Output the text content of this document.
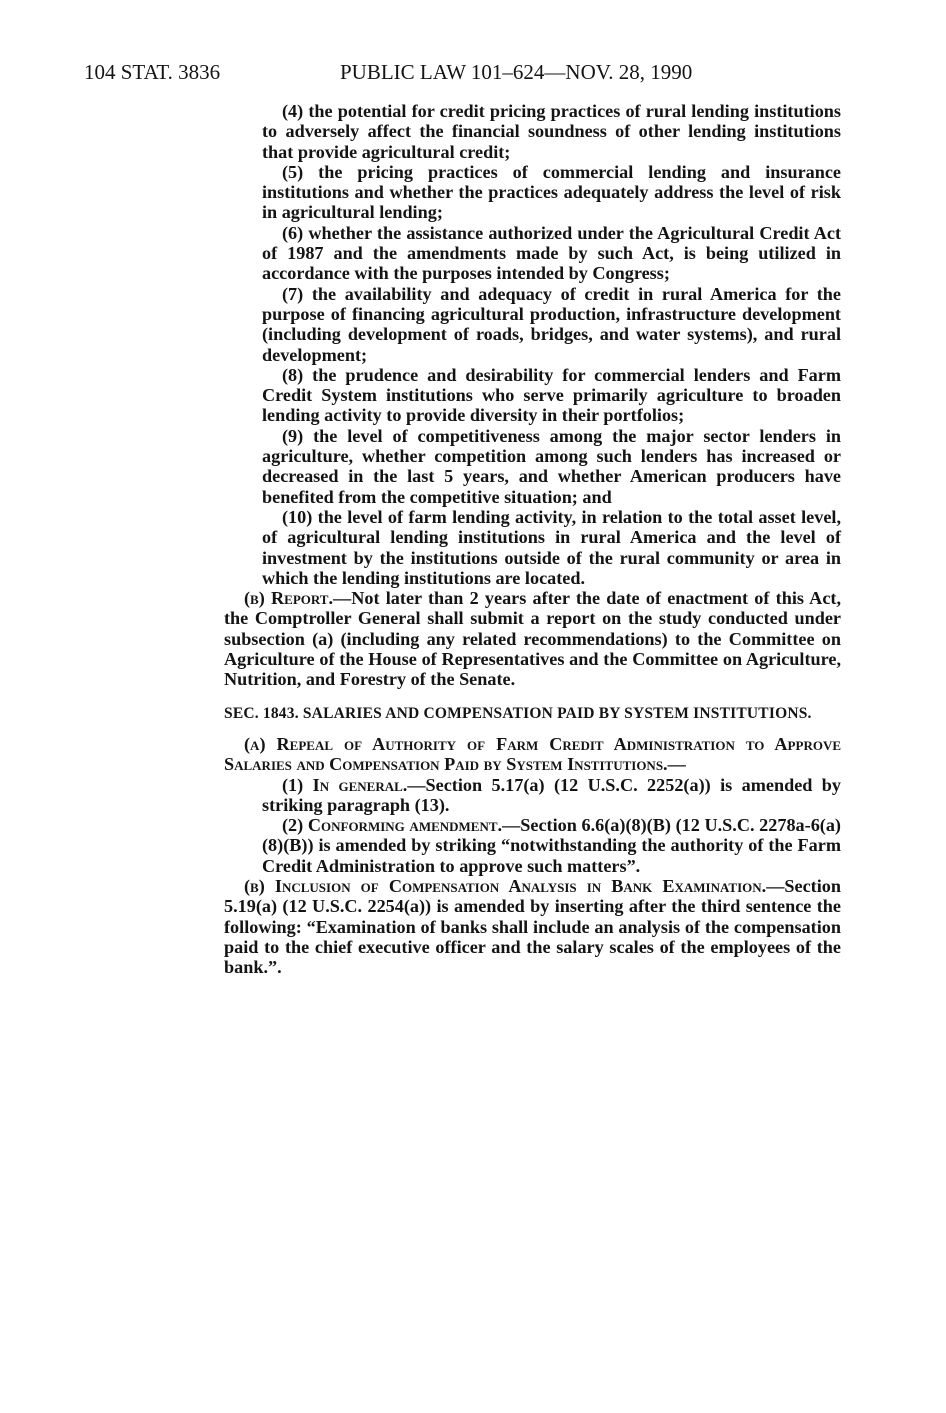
104 STAT. 3836	PUBLIC LAW 101–624—NOV. 28, 1990

(4) the potential for credit pricing practices of rural lending institutions to adversely affect the financial soundness of other lending institutions that provide agricultural credit;

(5) the pricing practices of commercial lending and insurance institutions and whether the practices adequately address the level of risk in agricultural lending;

(6) whether the assistance authorized under the Agricultural Credit Act of 1987 and the amendments made by such Act, is being utilized in accordance with the purposes intended by Congress;

(7) the availability and adequacy of credit in rural America for the purpose of financing agricultural production, infrastructure development (including development of roads, bridges, and water systems), and rural development;

(8) the prudence and desirability for commercial lenders and Farm Credit System institutions who serve primarily agriculture to broaden lending activity to provide diversity in their portfolios;

(9) the level of competitiveness among the major sector lenders in agriculture, whether competition among such lenders has increased or decreased in the last 5 years, and whether American producers have benefited from the competitive situation; and

(10) the level of farm lending activity, in relation to the total asset level, of agricultural lending institutions in rural America and the level of investment by the institutions outside of the rural community or area in which the lending institutions are located.

(b) Report.—Not later than 2 years after the date of enactment of this Act, the Comptroller General shall submit a report on the study conducted under subsection (a) (including any related recommendations) to the Committee on Agriculture of the House of Representatives and the Committee on Agriculture, Nutrition, and Forestry of the Senate.

SEC. 1843. SALARIES AND COMPENSATION PAID BY SYSTEM INSTITUTIONS.

(a) Repeal of Authority of Farm Credit Administration to Approve Salaries and Compensation Paid by System Institutions.—

(1) In general.—Section 5.17(a) (12 U.S.C. 2252(a)) is amended by striking paragraph (13).

(2) Conforming amendment.—Section 6.6(a)(8)(B) (12 U.S.C. 2278a-6(a)(8)(B)) is amended by striking “notwithstanding the authority of the Farm Credit Administration to approve such matters”.

(b) Inclusion of Compensation Analysis in Bank Examination.—Section 5.19(a) (12 U.S.C. 2254(a)) is amended by inserting after the third sentence the following: “Examination of banks shall include an analysis of the compensation paid to the chief executive officer and the salary scales of the employees of the bank.”.
